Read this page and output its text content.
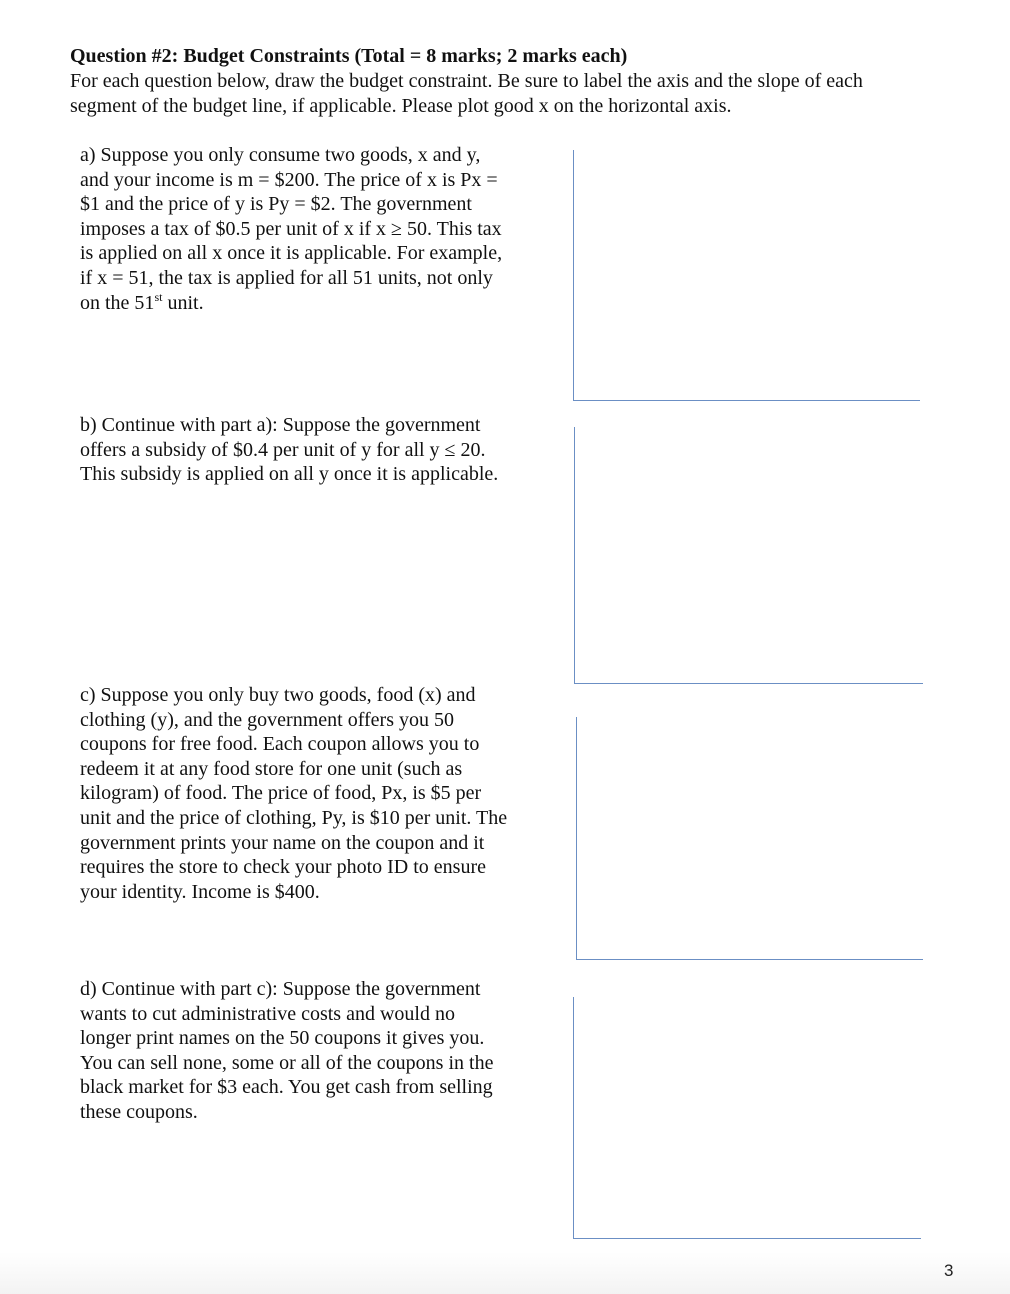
Question #2: Budget Constraints (Total = 8 marks; 2 marks each)
For each question below, draw the budget constraint. Be sure to label the axis and the slope of each segment of the budget line, if applicable. Please plot good x on the horizontal axis.
a) Suppose you only consume two goods, x and y, and your income is m = $200. The price of x is Px = $1 and the price of y is Py = $2. The government imposes a tax of $0.5 per unit of x if x ≥ 50. This tax is applied on all x once it is applicable. For example, if x = 51, the tax is applied for all 51 units, not only on the 51st unit.
b) Continue with part a): Suppose the government offers a subsidy of $0.4 per unit of y for all y ≤ 20. This subsidy is applied on all y once it is applicable.
c) Suppose you only buy two goods, food (x) and clothing (y), and the government offers you 50 coupons for free food. Each coupon allows you to redeem it at any food store for one unit (such as kilogram) of food. The price of food, Px, is $5 per unit and the price of clothing, Py, is $10 per unit. The government prints your name on the coupon and it requires the store to check your photo ID to ensure your identity. Income is $400.
d) Continue with part c): Suppose the government wants to cut administrative costs and would no longer print names on the 50 coupons it gives you. You can sell none, some or all of the coupons in the black market for $3 each. You get cash from selling these coupons.
3
